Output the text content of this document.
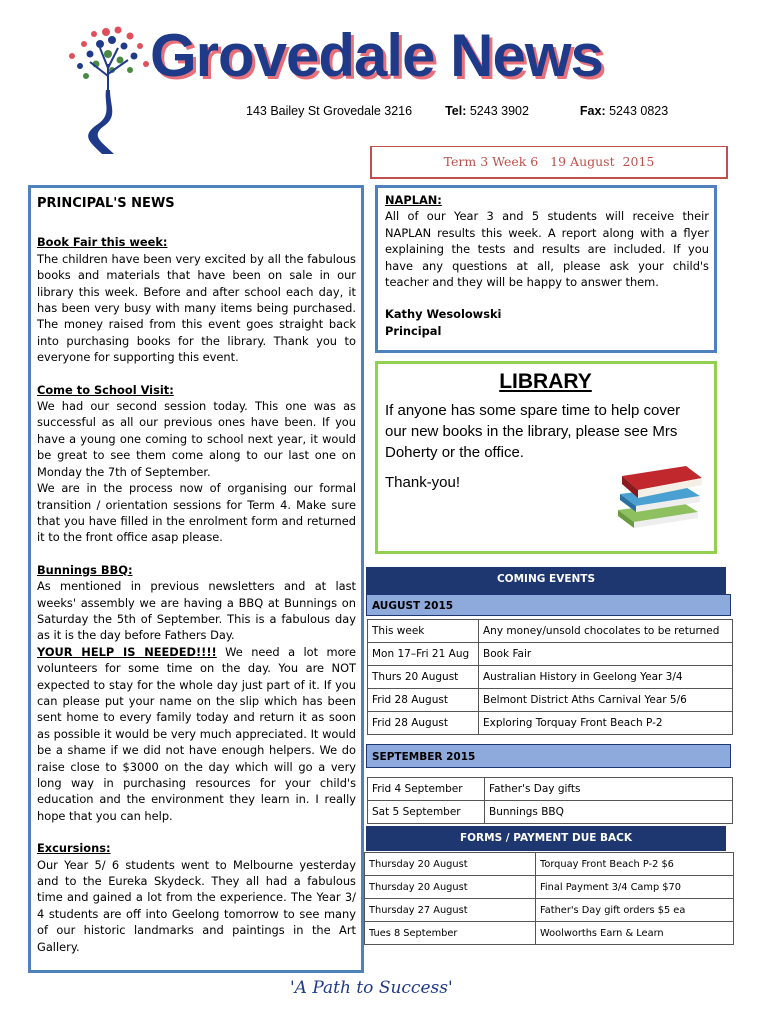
Grovedale News
143 Bailey St Grovedale 3216	Tel: 5243 3902	Fax: 5243 0823
Term 3 Week 6   19 August  2015
PRINCIPAL'S NEWS
Book Fair this week:

The children have been very excited by all the fabulous books and materials that have been on sale in our library this week. Before and after school each day, it has been very busy with many items being purchased. The money raised from this event goes straight back into purchasing books for the library. Thank you to everyone for supporting this event.

Come to School Visit:

We had our second session today. This one was as successful as all our previous ones have been. If you have a young one coming to school next year, it would be great to see them come along to our last one on Monday the 7th of September.

We are in the process now of organising our formal transition / orientation sessions for Term 4. Make sure that you have filled in the enrolment form and returned it to the front office asap please.

Bunnings BBQ:

As mentioned in previous newsletters and at last weeks' assembly we are having a BBQ at Bunnings on Saturday the 5th of September. This is a fabulous day as it is the day before Fathers Day.

YOUR HELP IS NEEDED!!!! We need a lot more volunteers for some time on the day. You are NOT expected to stay for the whole day just part of it. If you can please put your name on the slip which has been sent home to every family today and return it as soon as possible it would be very much appreciated. It would be a shame if we did not have enough helpers. We do raise close to $3000 on the day which will go a very long way in purchasing resources for your child's education and the environment they learn in. I really hope that you can help.

Excursions:

Our Year 5/ 6 students went to Melbourne yesterday and to the Eureka Skydeck. They all had a fabulous time and gained a lot from the experience. The Year 3/ 4 students are off into Geelong tomorrow to see many of our historic landmarks and paintings in the Art Gallery.

NAPLAN:

All of our Year 3 and 5 students will receive their NAPLAN results this week. A report along with a flyer explaining the tests and results are included. If you have any questions at all, please ask your child's teacher and they will be happy to answer them.

Kathy Wesolowski
Principal
LIBRARY

If anyone has some spare time to help cover our new books in the library, please see Mrs Doherty or the office.

Thank-you!

COMING EVENTS
AUGUST 2015
This week	Any money/unsold chocolates to be returned
Mon 17–Fri 21 Aug	Book Fair
Thurs 20 August	Australian History in Geelong Year 3/4
Frid 28 August	Belmont District Aths Carnival Year 5/6
Frid 28 August	Exploring Torquay Front Beach P-2
SEPTEMBER 2015
Frid 4 September	Father's Day gifts
Sat 5 September	Bunnings BBQ
FORMS / PAYMENT DUE BACK
Thursday 20 August	Torquay Front Beach P-2 $6
Thursday 20 August	Final Payment 3/4 Camp $70
Thursday 27 August	Father's Day gift orders $5 ea
Tues 8 September	Woolworths Earn & Learn
'A Path to Success'
